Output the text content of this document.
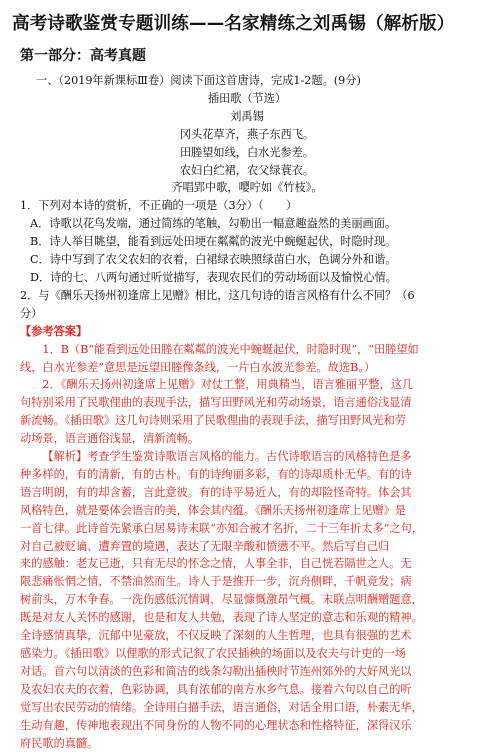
高考诗歌鉴赏专题训练——名家精练之刘禹锡（解析版）
第一部分：高考真题

一、（2019年新课标Ⅲ卷）阅读下面这首唐诗，完成1-2题。(9分)

插田歌（节选）

刘禹锡

冈头花草齐，燕子东西飞。

田塍望如线，白水光参差。

农妇白纻裙，农父绿蓑衣。

齐唱郢中歌，嘤咛如《竹枝》。

1．下列对本诗的赏析，不正确的一项是（3分）（　　）

A．诗歌以花鸟发端，通过简练的笔触，勾勒出一幅意趣盎然的美丽画面。

B．诗人举目眺望，能看到远处田埂在粼粼的波光中蜿蜒起伏，时隐时现。

C．诗中写到了农父农妇的衣着，白裙绿衣映照绿苗白水，色调分外和谐。

D．诗的七、八两句通过听觉描写，表现农民们的劳动场面以及愉悦心情。

2．与《酬乐天扬州初逢席上见赠》相比，这几句诗的语言风格有什么不同？（6
分）

【参考答案】

1．B（B“能看到远处田塍在粼粼的波光中蜿蜒起伏，时隐时现”，“田塍望如
线，白水光参差”意思是远望田塍像条线，一片白水波光参差。故选B。）
2．《酬乐天扬州初逢席上见赠》对仗工整，用典精当，语言雅丽平整，这几
句特别采用了民歌俚曲的表现手法，描写田野风光和劳动场景，语言通俗浅显清
新流畅。《插田歌》这几句诗则采用了民歌俚曲的表现手法，描写田野风光和劳
动场景，语言通俗浅显，清新流畅。
【解析】考查学生鉴赏诗歌语言风格的能力。古代诗歌语言的风格特色是多
种多样的，有的清新，有的古朴。有的诗绚丽多彩，有的诗却质朴无华。有的诗
语言明朗，有的却含蓄，言此意彼。有的诗平易近人，有的却险怪奇特。体会其
风格特色，就是要体会语言的美，体会其内蕴。《酬乐天扬州初逢席上见赠》是
一首七律。此诗首先紧承白居易诗末联“亦知合被才名折，二十三年折太多”之句，
对自己被贬谪、遭弃置的境遇，表达了无限辛酸和愤懑不平。然后写自己归
来的感触：老友已逝，只有无尽的怀念之情，人事全非，自己恍若隔世之人。无
限悲痛怅惘之情，不禁油然而生。诗人于是推开一步，沉舟侧畔，千帆竞发；病
树前头，万木争春。一洗伤感低沉情调，尽显慷慨激昂气概。末联点明酬赠题意，
既是对友人关怀的感谢，也是和友人共勉，表现了诗人坚定的意志和乐观的精神。
全诗感情真挚，沉郁中见豪放，不仅反映了深刻的人生哲理，也具有很强的艺术
感染力。《插田歌》以俚歌的形式记叙了农民插秧的场面以及农夫与计吏的一场
对话。首六句以清淡的色彩和简洁的线条勾勒出插秧时节连州郊外的大好风光以
及农妇农夫的衣着，色彩协调，具有浓郁的南方水乡气息。接着六句以自己的听
觉写出农民劳动的情绪。全诗用白描手法，语言通俗，对话全用口语，朴素无华，
生动有趣，传神地表现出不同身份的人物不同的心理状态和性格特征，深得汉乐
府民歌的真髓。
